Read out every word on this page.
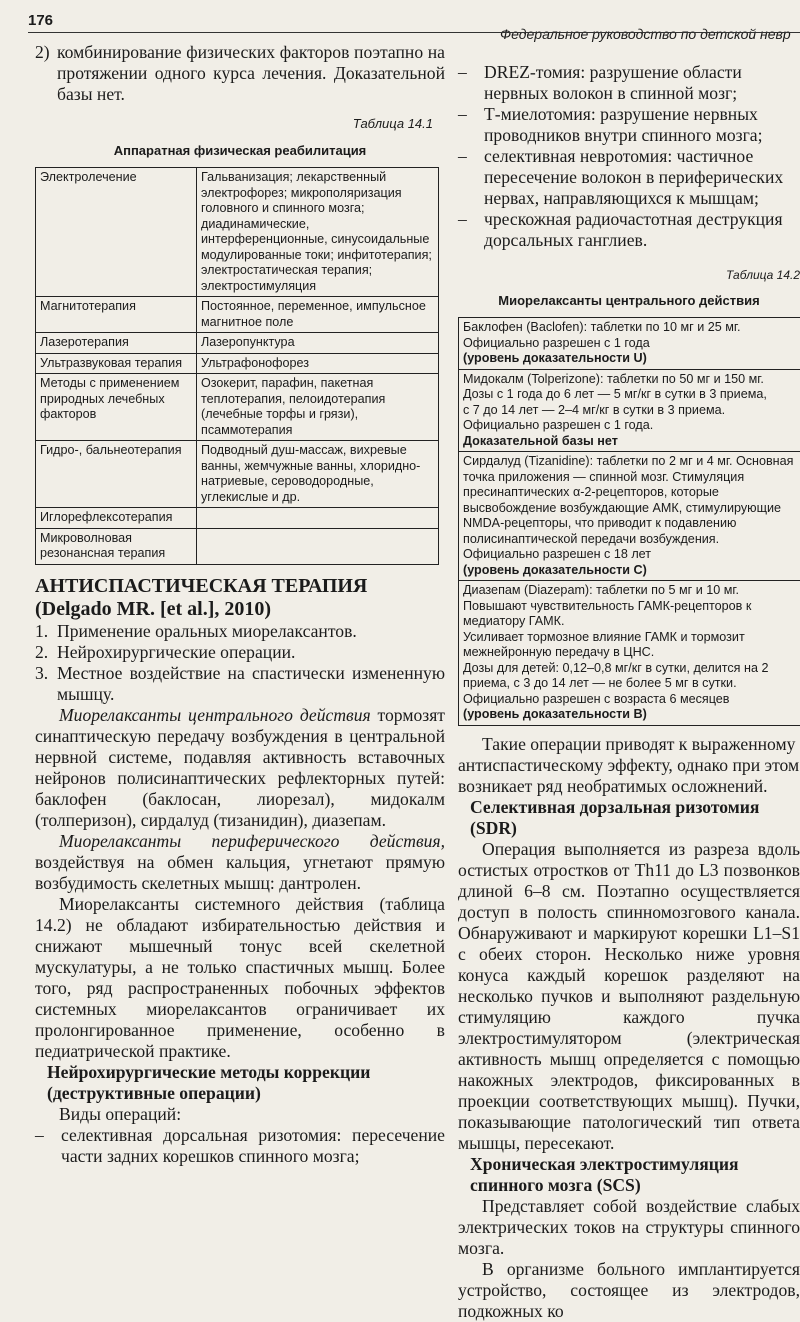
176
Федеральное руководство по детской невр
2) комбинирование физических факторов поэтапно на протяжении одного курса лечения. Доказательной базы нет.

Таблица 14.1
Аппаратная физическая реабилитация
Электролечение	Гальванизация; лекарственный электрофорез; микрополяризация головного и спинного мозга; диадинамические, интерференционные, синусоидальные модулированные токи; инфитотерапия; электростатическая терапия; электростимуляция
Магнитотерапия	Постоянное, переменное, импульсное магнитное поле
Лазеротерапия	Лазеропунктура
Ультразвуковая терапия	Ультрафонофорез
Методы с применением природных лечебных факторов	Озокерит, парафин, пакетная теплотерапия, пелоидотерапия (лечебные торфы и грязи), псаммотерапия
Гидро-, бальнеотерапия	Подводный душ-массаж, вихревые ванны, жемчужные ванны, хлоридно-натриевые, сероводородные, углекислые и др.
Иглорефлексотерапия	
Микроволновая резонансная терапия	
АНТИСПАСТИЧЕСКАЯ ТЕРАПИЯ
(Delgado MR. [et al.], 2010)
1. Применение оральных миорелаксантов.

2. Нейрохирургические операции.

3. Местное воздействие на спастически измененную мышцу.

Миорелаксанты центрального действия тормозят синаптическую передачу возбуждения в центральной нервной системе, подавляя активность вставочных нейронов полисинаптических рефлекторных путей: баклофен (баклосан, лиорезал), мидокалм (толперизон), сирдалуд (тизанидин), диазепам.

Миорелаксанты периферического действия, воздействуя на обмен кальция, угнетают прямую возбудимость скелетных мышц: дантролен.

Миорелаксанты системного действия (таблица 14.2) не обладают избирательностью действия и снижают мышечный тонус всей скелетной мускулатуры, а не только спастичных мышц. Более того, ряд распространенных побочных эффектов системных миорелаксантов ограничивает их пролонгированное применение, особенно в педиатрической практике.

Нейрохирургические методы коррекции (деструктивные операции)

Виды операций:

– селективная дорсальная ризотомия: пересечение части задних корешков спинного мозга;

– DREZ-томия: разрушение области нервных волокон в спинной мозг;

– Т-миелотомия: разрушение нервных проводников внутри спинного мозга;

– селективная невротомия: частичное пересечение волокон в периферических нервах, направляющихся к мышцам;

– чрескожная радиочастотная деструкция дорсальных ганглиев.

Таблица 14.2
Миорелаксанты центрального действия
Баклофен (Baclofen): таблетки по 10 мг и 25 мг.
Официально разрешен с 1 года
(уровень доказательности U)
Мидокалм (Tolperizone): таблетки по 50 мг и 150 мг.
Дозы с 1 года до 6 лет — 5 мг/кг в сутки в 3 приема,
с 7 до 14 лет — 2–4 мг/кг в сутки в 3 приема.
Официально разрешен с 1 года.
Доказательной базы нет
Сирдалуд (Tizanidine): таблетки по 2 мг и 4 мг. Основная точка приложения — спинной мозг. Стимуляция пресинаптических α-2-рецепторов, которые высвобождение возбуждающие АМК, стимулирующие NMDA-рецепторы, что приводит к подавлению полисинаптической передачи возбуждения.
Официально разрешен с 18 лет
(уровень доказательности С)
Диазепам (Diazepam): таблетки по 5 мг и 10 мг.
Повышают чувствительность ГАМК-рецепторов к медиатору ГАМК.
Усиливает тормозное влияние ГАМК и тормозит межнейронную передачу в ЦНС.
Дозы для детей: 0,12–0,8 мг/кг в сутки, делится на 2 приема, с 3 до 14 лет — не более 5 мг в сутки.
Официально разрешен с возраста 6 месяцев
(уровень доказательности В)

Такие операции приводят к выраженному антиспастическому эффекту, однако при этом возникает ряд необратимых осложнений.

Селективная дорзальная ризотомия (SDR)

Операция выполняется из разреза вдоль остистых отростков от Th11 до L3 позвонков длиной 6–8 см. Поэтапно осуществляется доступ в полость спинномозгового канала. Обнаруживают и маркируют корешки L1–S1 с обеих сторон. Несколько ниже уровня конуса каждый корешок разделяют на несколько пучков и выполняют раздельную стимуляцию каждого пучка электростимулятором (электрическая активность мышц определяется с помощью накожных электродов, фиксированных в проекции соответствующих мышц). Пучки, показывающие патологический тип ответа мышцы, пересекают.

Хроническая электростимуляция спинного мозга (SCS)

Представляет собой воздействие слабых электрических токов на структуры спинного мозга.

В организме больного имплантируется устройство, состоящее из электродов, подкожных ко
